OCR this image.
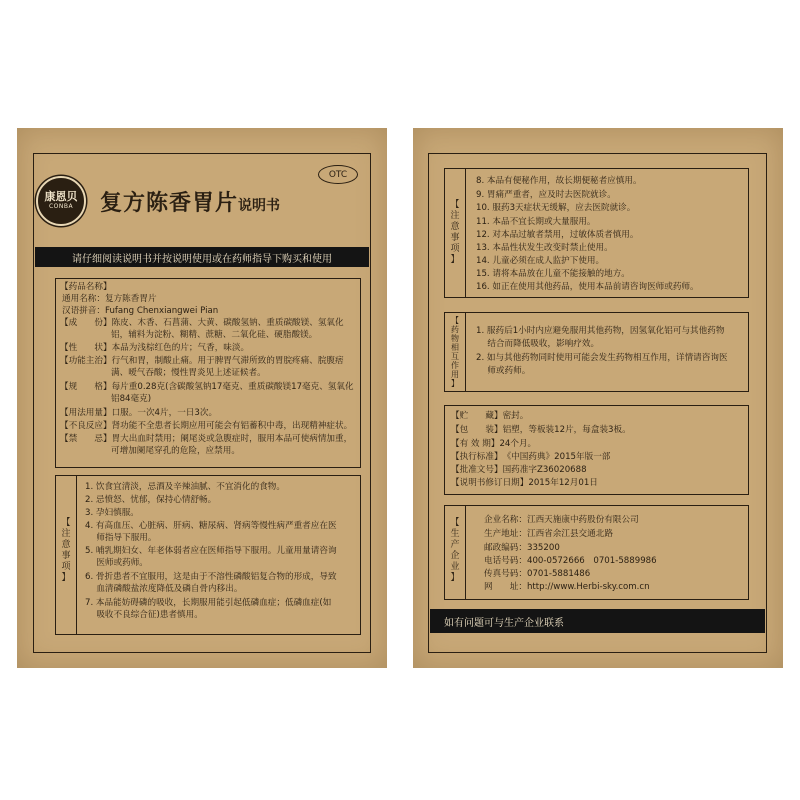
康恩贝
CONBA
OTC
复方陈香胃片说明书
请仔细阅读说明书并按说明使用或在药师指导下购买和使用
【药品名称】
通用名称：复方陈香胃片
汉语拼音：Fufang Chenxiangwei Pian
【成　　份】陈皮、木香、石菖蒲、大黄、碳酸氢钠、重质碳酸镁、氢氧化
铝，辅料为淀粉、糊精、蔗糖、二氧化硅、硬脂酸镁。
【性　　状】本品为浅棕红色的片；气香，味淡。
【功能主治】行气和胃，制酸止痛。用于脾胃气滞所致的胃脘疼痛、脘腹痞
满、嗳气吞酸；慢性胃炎见上述证候者。
【规　　格】每片重0.28克(含碳酸氢钠17毫克、重质碳酸镁17毫克、氢氧化
铝84毫克)
【用法用量】口服。一次4片，一日3次。
【不良反应】肾功能不全患者长期应用可能会有铝蓄积中毒，出现精神症状。
【禁　　忌】胃大出血时禁用；阑尾炎或急腹症时，服用本品可使病情加重，
可增加阑尾穿孔的危险，应禁用。
【
注
意
事
项
】
1. 饮食宜清淡，忌酒及辛辣油腻、不宜消化的食物。
2. 忌愤怒、忧郁，保持心情舒畅。
3. 孕妇慎服。
4. 有高血压、心脏病、肝病、糖尿病、肾病等慢性病严重者应在医
　 师指导下服用。
5. 哺乳期妇女、年老体弱者应在医师指导下服用。儿童用量请咨询
　 医师或药师。
6. 骨折患者不宜服用，这是由于不溶性磷酸铝复合物的形成，导致
　 血清磷酸盐浓度降低及磷自骨内移出。
7. 本品能妨碍磷的吸收，长期服用能引起低磷血症；低磷血症(如
　 吸收不良综合征)患者慎用。
【
注
意
事
项
】
8. 本品有便秘作用，故长期便秘者应慎用。
9. 胃痛严重者，应及时去医院就诊。
10. 服药3天症状无缓解，应去医院就诊。
11. 本品不宜长期或大量服用。
12. 对本品过敏者禁用，过敏体质者慎用。
13. 本品性状发生改变时禁止使用。
14. 儿童必须在成人监护下使用。
15. 请将本品放在儿童不能接触的地方。
16. 如正在使用其他药品，使用本品前请咨询医师或药师。
【
药
物
相
互
作
用
】
1. 服药后1小时内应避免服用其他药物，因氢氧化铝可与其他药物
　 结合而降低吸收，影响疗效。
2. 如与其他药物同时使用可能会发生药物相互作用，详情请咨询医
　 师或药师。
【贮　　藏】密封。
【包　　装】铝塑，等板装12片，每盒装3板。
【有 效 期】24个月。
【执行标准】《中国药典》2015年版一部
【批准文号】国药准字Z36020688
【说明书修订日期】2015年12月01日
【
生
产
企
业
】
企业名称：江西天施康中药股份有限公司
生产地址：江西省余江县交通北路
邮政编码：335200
电话号码：400-0572666　0701-5889986
传真号码：0701-5881486
网　　址：http://www.Herbi-sky.com.cn
如有问题可与生产企业联系
